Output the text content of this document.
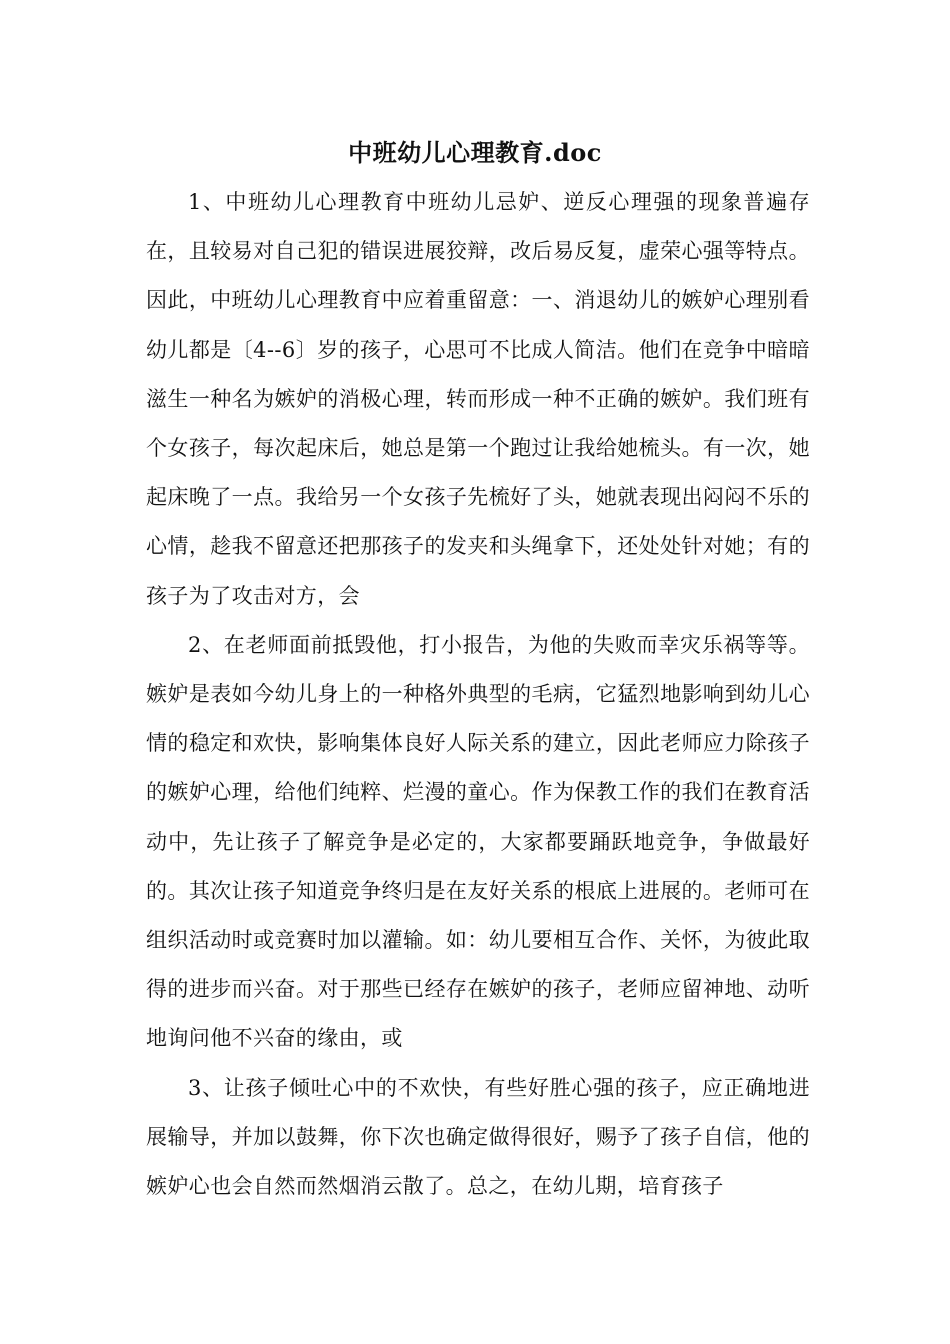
中班幼儿心理教育.doc

1、中班幼儿心理教育中班幼儿忌妒、逆反心理强的现象普遍存在，且较易对自己犯的错误进展狡辩，改后易反复，虚荣心强等特点。因此，中班幼儿心理教育中应着重留意：一、消退幼儿的嫉妒心理别看幼儿都是〔4--6〕岁的孩子，心思可不比成人简洁。他们在竞争中暗暗滋生一种名为嫉妒的消极心理，转而形成一种不正确的嫉妒。我们班有个女孩子，每次起床后，她总是第一个跑过让我给她梳头。有一次，她起床晚了一点。我给另一个女孩子先梳好了头，她就表现出闷闷不乐的心情，趁我不留意还把那孩子的发夹和头绳拿下，还处处针对她；有的孩子为了攻击对方，会

2、在老师面前抵毁他，打小报告，为他的失败而幸灾乐祸等等。嫉妒是表如今幼儿身上的一种格外典型的毛病，它猛烈地影响到幼儿心情的稳定和欢快，影响集体良好人际关系的建立，因此老师应力除孩子的嫉妒心理，给他们纯粹、烂漫的童心。作为保教工作的我们在教育活动中，先让孩子了解竞争是必定的，大家都要踊跃地竞争，争做最好的。其次让孩子知道竞争终归是在友好关系的根底上进展的。老师可在组织活动时或竞赛时加以灌输。如：幼儿要相互合作、关怀，为彼此取得的进步而兴奋。对于那些已经存在嫉妒的孩子，老师应留神地、动听地询问他不兴奋的缘由，或

3、让孩子倾吐心中的不欢快，有些好胜心强的孩子，应正确地进展输导，并加以鼓舞，你下次也确定做得很好，赐予了孩子自信，他的嫉妒心也会自然而然烟消云散了。总之，在幼儿期，培育孩子
